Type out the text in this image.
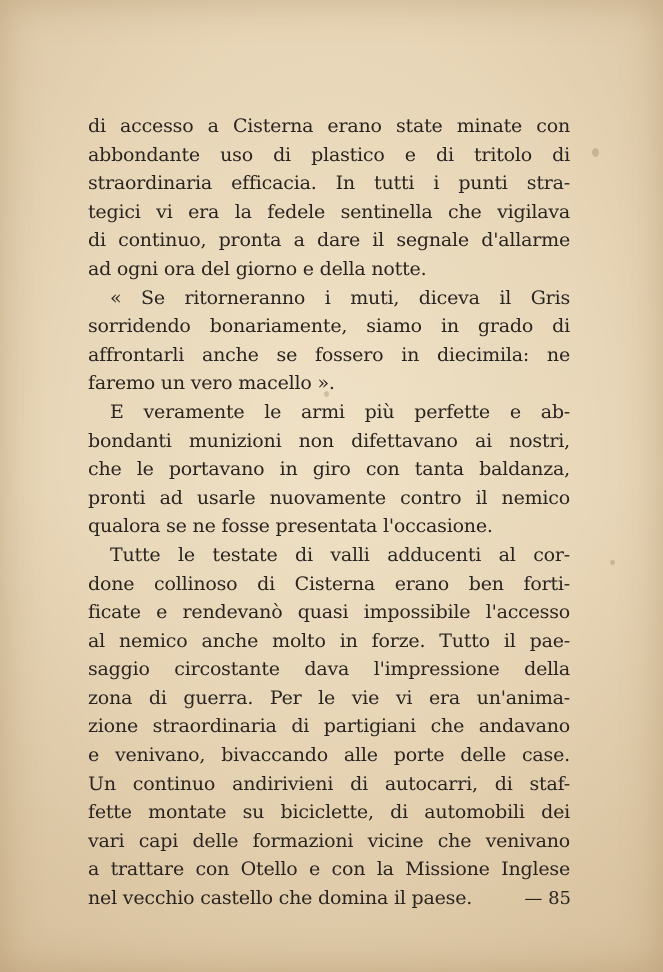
di accesso a Cisterna erano state minate con
abbondante uso di plastico e di tritolo di
straordinaria efficacia. In tutti i punti stra-
tegici vi era la fedele sentinella che vigilava
di continuo, pronta a dare il segnale d'allarme
ad ogni ora del giorno e della notte.
« Se ritorneranno i muti, diceva il Gris
sorridendo bonariamente, siamo in grado di
affrontarli anche se fossero in diecimila: ne
faremo un vero macello ».
E veramente le armi più perfette e ab-
bondanti munizioni non difettavano ai nostri,
che le portavano in giro con tanta baldanza,
pronti ad usarle nuovamente contro il nemico
qualora se ne fosse presentata l'occasione.
Tutte le testate di valli adducenti al cor-
done collinoso di Cisterna erano ben forti-
ficate e rendevanò quasi impossibile l'accesso
al nemico anche molto in forze. Tutto il pae-
saggio circostante dava l'impressione della
zona di guerra. Per le vie vi era un'anima-
zione straordinaria di partigiani che andavano
e venivano, bivaccando alle porte delle case.
Un continuo andirivieni di autocarri, di staf-
fette montate su biciclette, di automobili dei
vari capi delle formazioni vicine che venivano
a trattare con Otello e con la Missione Inglese
nel vecchio castello che domina il paese.	— 85
